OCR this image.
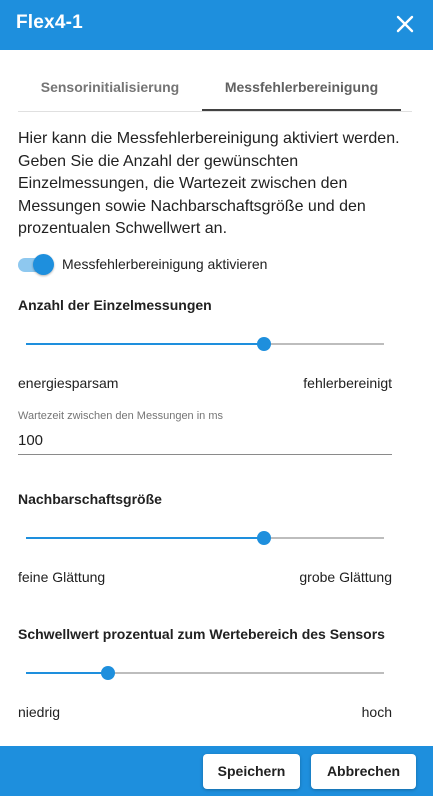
Flex4-1
Sensorinitialisierung	Messfehlerbereinigung
Hier kann die Messfehlerbereinigung aktiviert werden. Geben Sie die Anzahl der gewünschten Einzelmessungen, die Wartezeit zwischen den Messungen sowie Nachbarschaftsgröße und den prozentualen Schwellwert an.
Messfehlerbereinigung aktivieren
Anzahl der Einzelmessungen
energiesparsam	fehlerbereinigt
Wartezeit zwischen den Messungen in ms
100
Nachbarschaftsgröße
feine Glättung	grobe Glättung
Schwellwert prozentual zum Wertebereich des Sensors
niedrig	hoch
Speichern	Abbrechen
